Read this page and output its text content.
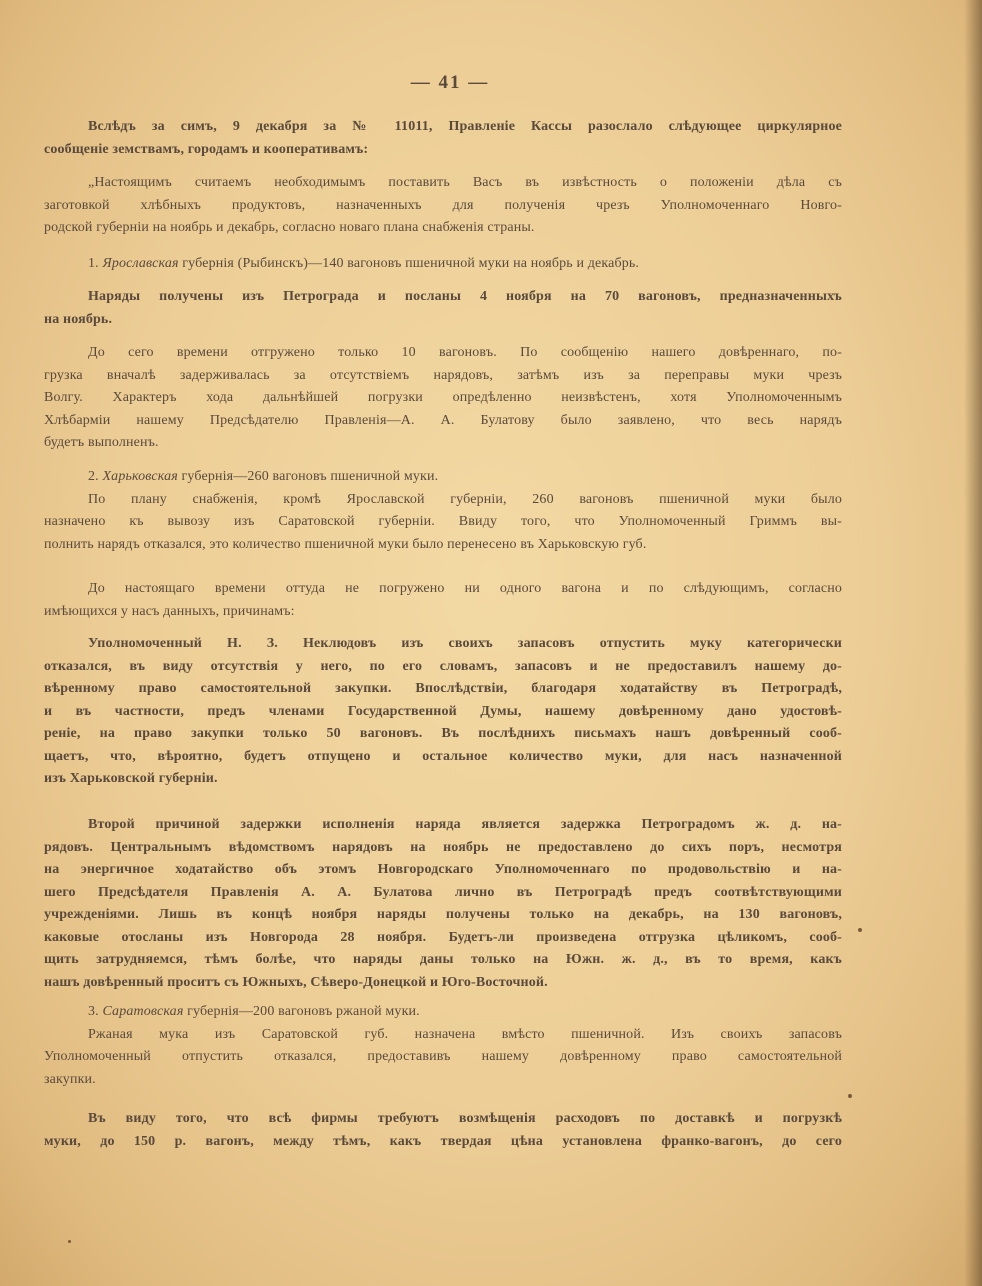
— 41 —
Вслѣдъ за симъ, 9 декабря за № 11011, Правленіе Кассы разослало слѣдующее циркулярное
сообщеніе земствамъ, городамъ и кооперативамъ:
„Настоящимъ считаемъ необходимымъ поставить Васъ въ извѣстность о положеніи дѣла съ
заготовкой хлѣбныхъ продуктовъ, назначенныхъ для полученія чрезъ Уполномоченнаго Новго-
родской губерніи на ноябрь и декабрь, согласно новаго плана снабженія страны.
1. Ярославская губернія (Рыбинскъ)—140 вагоновъ пшеничной муки на ноябрь и декабрь.
Наряды получены изъ Петрограда и посланы 4 ноября на 70 вагоновъ, предназначенныхъ
на ноябрь.
До сего времени отгружено только 10 вагоновъ. По сообщенію нашего довѣреннаго, по-
грузка вначалѣ задерживалась за отсутствіемъ нарядовъ, затѣмъ изъ за переправы муки чрезъ
Волгу. Характеръ хода дальнѣйшей погрузки опредѣленно неизвѣстенъ, хотя Уполномоченнымъ
Хлѣбарміи нашему Предсѣдателю Правленія—А. А. Булатову было заявлено, что весь нарядъ
будетъ выполненъ.
2. Харьковская губернія—260 вагоновъ пшеничной муки.
По плану снабженія, кромѣ Ярославской губерніи, 260 вагоновъ пшеничной муки было
назначено къ вывозу изъ Саратовской губерніи. Ввиду того, что Уполномоченный Гриммъ вы-
полнить нарядъ отказался, это количество пшеничной муки было перенесено въ Харьковскую губ.
До настоящаго времени оттуда не погружено ни одного вагона и по слѣдующимъ, согласно
имѣющихся у насъ данныхъ, причинамъ:
Уполномоченный Н. З. Неклюдовъ изъ своихъ запасовъ отпустить муку категорически
отказался, въ виду отсутствія у него, по его словамъ, запасовъ и не предоставилъ нашему до-
вѣренному право самостоятельной закупки. Впослѣдствіи, благодаря ходатайству въ Петроградѣ,
и въ частности, предъ членами Государственной Думы, нашему довѣренному дано удостовѣ-
реніе, на право закупки только 50 вагоновъ. Въ послѣднихъ письмахъ нашъ довѣренный сооб-
щаетъ, что, вѣроятно, будетъ отпущено и остальное количество муки, для насъ назначенной
изъ Харьковской губерніи.
Второй причиной задержки исполненія наряда является задержка Петроградомъ ж. д. на-
рядовъ. Центральнымъ вѣдомствомъ нарядовъ на ноябрь не предоставлено до сихъ поръ, несмотря
на энергичное ходатайство объ этомъ Новгородскаго Уполномоченнаго по продовольствію и на-
шего Предсѣдателя Правленія А. А. Булатова лично въ Петроградѣ предъ соотвѣтствующими
учрежденіями. Лишь въ концѣ ноября наряды получены только на декабрь, на 130 вагоновъ,
каковые отосланы изъ Новгорода 28 ноября. Будетъ-ли произведена отгрузка цѣликомъ, сооб-
щить затрудняемся, тѣмъ болѣе, что наряды даны только на Южн. ж. д., въ то время, какъ
нашъ довѣренный проситъ съ Южныхъ, Сѣверо-Донецкой и Юго-Восточной.
3. Саратовская губернія—200 вагоновъ ржаной муки.
Ржаная мука изъ Саратовской губ. назначена вмѣсто пшеничной. Изъ своихъ запасовъ
Уполномоченный отпустить отказался, предоставивъ нашему довѣренному право самостоятельной
закупки.
Въ виду того, что всѣ фирмы требуютъ возмѣщенія расходовъ по доставкѣ и погрузкѣ
муки, до 150 р. вагонъ, между тѣмъ, какъ твердая цѣна установлена франко-вагонъ, до сего
